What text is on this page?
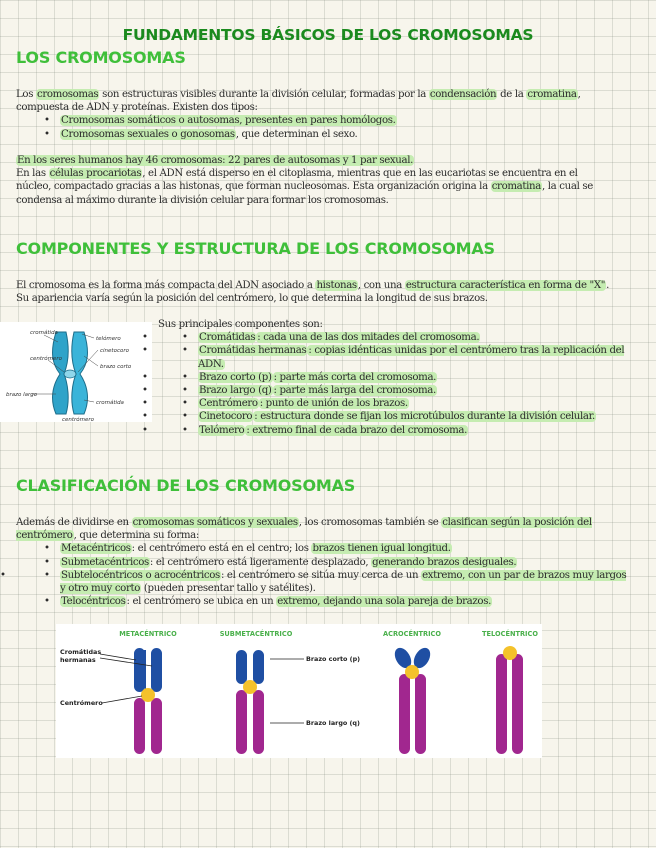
FUNDAMENTOS BÁSICOS DE LOS CROMOSOMAS
LOS CROMOSOMAS

Los cromosomas son estructuras visibles durante la división celular, formadas por la condensación de la cromatina, compuesta de ADN y proteínas. Existen dos tipos:

• Cromosomas somáticos o autosomas, presentes en pares homólogos.
• Cromosomas sexuales o gonosomas, que determinan el sexo.

En los seres humanos hay 46 cromosomas: 22 pares de autosomas y 1 par sexual.

En las células procariotas, el ADN está disperso en el citoplasma, mientras que en las eucariotas se encuentra en el núcleo, compactado gracias a las histonas, que forman nucleosomas. Esta organización origina la cromatina, la cual se condensa al máximo durante la división celular para formar los cromosomas.

COMPONENTES Y ESTRUCTURA DE LOS CROMOSOMAS

El cromosoma es la forma más compacta del ADN asociado a histonas, con una estructura característica en forma de "X". Su apariencia varía según la posición del centrómero, lo que determina la longitud de sus brazos.

cromátida
telómero
cinetocoro
centrómero
brazo corto
brazo largo
cromátida
centrómero

Sus principales componentes son:

• • Cromátidas : cada una de las dos mitades del cromosoma.
• • Cromátidas hermanas : copias idénticas unidas por el centrómero tras la replicación del ADN.
• • Brazo corto (p) : parte más corta del cromosoma.
• • Brazo largo (q) : parte más larga del cromosoma.
• • Centrómero : punto de unión de los brazos.
• • Cinetocoro : estructura donde se fijan los microtúbulos durante la división celular.
• • Telómero : extremo final de cada brazo del cromosoma.
CLASIFICACIÓN DE LOS CROMOSOMAS

Además de dividirse en cromosomas somáticos y sexuales, los cromosomas también se clasifican según la posición del centrómero, que determina su forma:

• Metacéntricos: el centrómero está en el centro; los brazos tienen igual longitud.
• Submetacéntricos: el centrómero está ligeramente desplazado, generando brazos desiguales.
• • Subtelocéntricos o acrocéntricos: el centrómero se sitúa muy cerca de un extremo, con un par de brazos muy largos y otro muy corto (pueden presentar tallo y satélites).
• Telocéntricos: el centrómero se ubica en un extremo, dejando una sola pareja de brazos.
METACÉNTRICO	SUBMETACÉNTRICO	ACROCÉNTRICO	TELOCÉNTRICO
Cromátidas
hermanas
Centrómero
Brazo corto (p)
Brazo largo (q)
